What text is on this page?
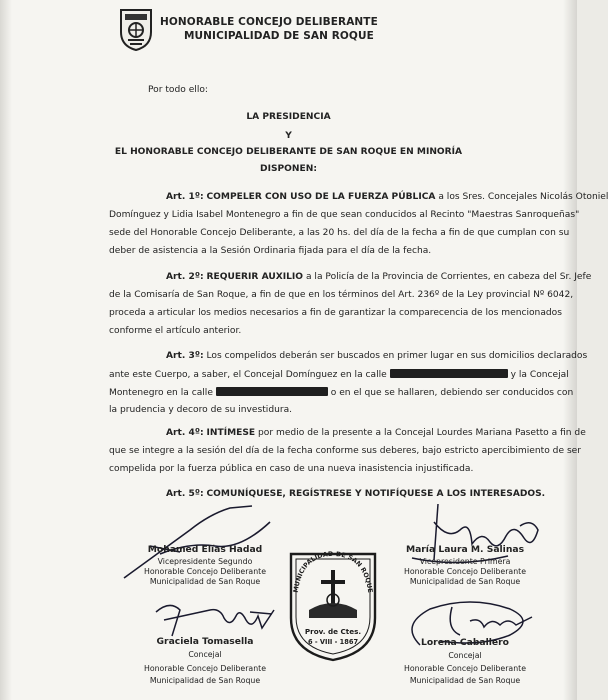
HONORABLE CONCEJO DELIBERANTE
MUNICIPALIDAD DE SAN ROQUE
Por todo ello:
LA PRESIDENCIA
Y
EL HONORABLE CONCEJO DELIBERANTE DE SAN ROQUE EN MINORÍA
DISPONEN:
Art. 1º: COMPELER CON USO DE LA FUERZA PÚBLICA a los Sres. Concejales Nicolás Otoniel
Domínguez y Lidia Isabel Montenegro a fin de que sean conducidos al Recinto "Maestras Sanroqueñas"
sede del Honorable Concejo Deliberante, a las 20 hs. del día de la fecha a fin de que cumplan con su
deber de asistencia a la Sesión Ordinaria fijada para el día de la fecha.
Art. 2º: REQUERIR AUXILIO a la Policía de la Provincia de Corrientes, en cabeza del Sr. Jefe
de la Comisaría de San Roque, a fin de que en los términos del Art. 236º de la Ley provincial Nº 6042,
proceda a articular los medios necesarios a fin de garantizar la comparecencia de los mencionados
conforme el artículo anterior.
Art. 3º: Los compelidos deberán ser buscados en primer lugar en sus domicilios declarados
ante este Cuerpo, a saber, el Concejal Domínguez en la calle	y la Concejal
Montenegro en la calle	o en el que se hallaren, debiendo ser conducidos con
la prudencia y decoro de su investidura.
Art. 4º: INTÍMESE por medio de la presente a la Concejal Lourdes Mariana Pasetto a fin de
que se integre a la sesión del día de la fecha conforme sus deberes, bajo estricto apercibimiento de ser
compelida por la fuerza pública en caso de una nueva inasistencia injustificada.
Art. 5º: COMUNÍQUESE, REGÍSTRESE Y NOTIFÍQUESE A LOS INTERESADOS.
Mohamed Elías Hadad
Vicepresidente Segundo
Honorable Concejo Deliberante
Municipalidad de San Roque
María Laura M. Salinas
Vicepresidente Primera
Honorable Concejo Deliberante
Municipalidad de San Roque
Graciela Tomasella
Concejal
Honorable Concejo Deliberante
Municipalidad de San Roque
Lorena Caballero
Concejal
Honorable Concejo Deliberante
Municipalidad de San Roque
MUNICIPALIDAD DE SAN ROQUE
Prov. de Ctes.
6 - VIII - 1867
